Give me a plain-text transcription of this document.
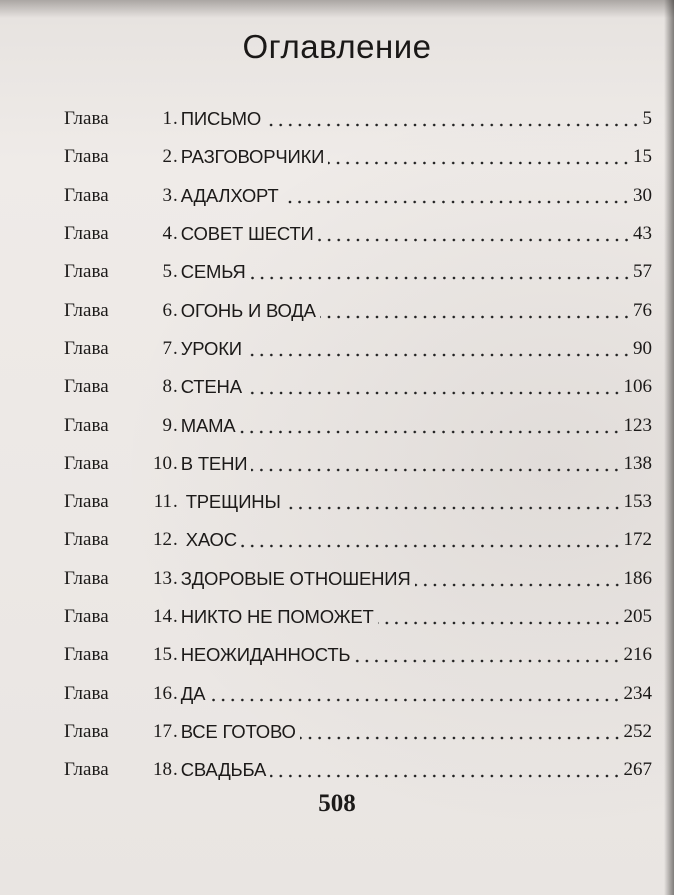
Оглавление
Глава	1 . ПИСЬМО	5
Глава	2 . РАЗГОВОРЧИКИ	15
Глава	3 . АДАЛХОРТ	30
Глава	4 . СОВЕТ ШЕСТИ	43
Глава	5 . СЕМЬЯ	57
Глава	6 . ОГОНЬ И ВОДА	76
Глава	7 . УРОКИ	90
Глава	8 . СТЕНА	106
Глава	9 . МАМА	123
Глава	10 . В ТЕНИ	138
Глава	11 . ТРЕЩИНЫ	153
Глава	12 . ХАОС	172
Глава	13 . ЗДОРОВЫЕ ОТНОШЕНИЯ	186
Глава	14 . НИКТО НЕ ПОМОЖЕТ	205
Глава	15 . НЕОЖИДАННОСТЬ	216
Глава	16 . ДА	234
Глава	17 . ВСЕ ГОТОВО	252
Глава	18 . СВАДЬБА	267
508
